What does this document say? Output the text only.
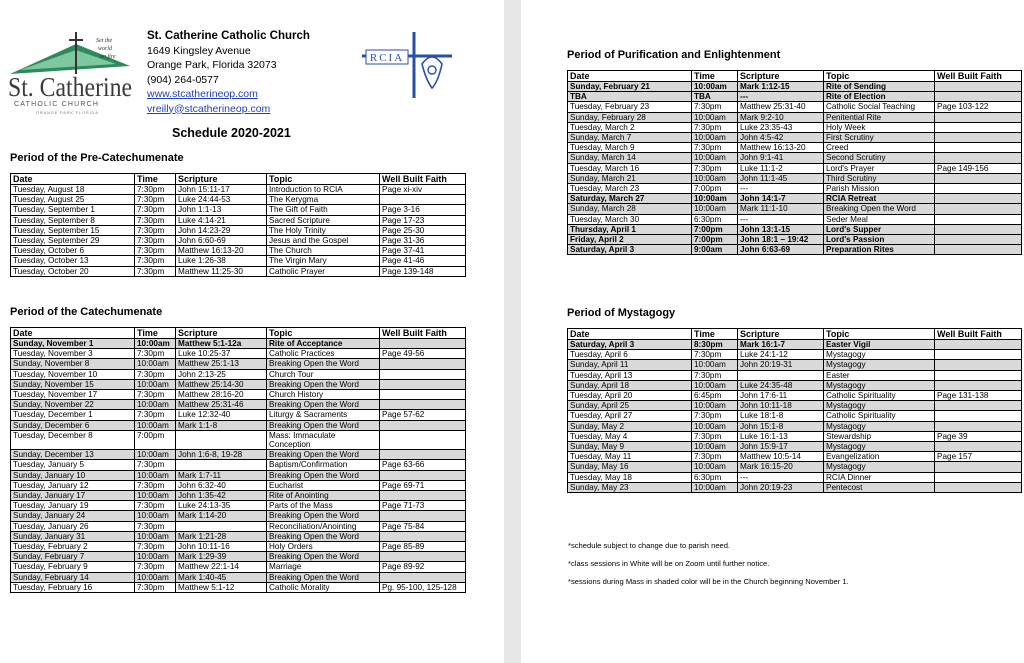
Set the
world
on fire
St. Catherine
CATHOLIC CHURCH
ORANGE PARK FLORIDA
St. Catherine Catholic Church
1649 Kingsley Avenue
Orange Park, Florida 32073
(904) 264-0577
www.stcatherineop.com
vreilly@stcatherineop.com
RCIA
Schedule 2020-2021
Period of the Pre-Catechumenate
Date	Time	Scripture	Topic	Well Built Faith
Tuesday, August 18	7:30pm	John 15:11-17	Introduction to RCIA	Page xi-xiv
Tuesday, August 25	7:30pm	Luke 24:44-53	The Kerygma	
Tuesday, September 1	7:30pm	John 1:1-13	The Gift of Faith	Page 3-16
Tuesday, September 8	7:30pm	Luke 4:14-21	Sacred Scripture	Page 17-23
Tuesday, September 15	7:30pm	John 14:23-29	The Holy Trinity	Page 25-30
Tuesday, September 29	7:30pm	John 6:60-69	Jesus and the Gospel	Page 31-36
Tuesday, October 6	7:30pm	Matthew 16:13-20	The Church	Page 37-41
Tuesday, October 13	7:30pm	Luke 1:26-38	The Virgin Mary	Page 41-46
Tuesday, October 20	7:30pm	Matthew 11:25-30	Catholic Prayer	Page 139-148
Period of the Catechumenate
Date	Time	Scripture	Topic	Well Built Faith
Sunday, November 1	10:00am	Matthew 5:1-12a	Rite of Acceptance	
Tuesday, November 3	7:30pm	Luke 10:25-37	Catholic Practices	Page 49-56
Sunday, November 8	10:00am	Matthew 25:1-13	Breaking Open the Word	
Tuesday, November 10	7:30pm	John 2:13-25	Church Tour	
Sunday, November 15	10:00am	Matthew 25:14-30	Breaking Open the Word	
Tuesday, November 17	7:30pm	Matthew 28:16-20	Church History	
Sunday, November 22	10:00am	Matthew 25:31-46	Breaking Open the Word	
Tuesday, December 1	7:30pm	Luke 12:32-40	Liturgy & Sacraments	Page 57-62
Sunday, December 6	10:00am	Mark 1:1-8	Breaking Open the Word	
Tuesday, December 8	7:00pm		Mass: Immaculate Conception	
Sunday, December 13	10:00am	John 1:6-8, 19-28	Breaking Open the Word	
Tuesday, January 5	7:30pm		Baptism/Confirmation	Page 63-66
Sunday, January 10	10:00am	Mark 1:7-11	Breaking Open the Word	
Tuesday, January 12	7:30pm	John 6:32-40	Eucharist	Page 69-71
Sunday, January 17	10:00am	John 1:35-42	Rite of Anointing	
Tuesday, January 19	7:30pm	Luke 24:13-35	Parts of the Mass	Page 71-73
Sunday, January 24	10:00am	Mark 1:14-20	Breaking Open the Word	
Tuesday, January 26	7:30pm		Reconciliation/Anointing	Page 75-84
Sunday, January 31	10:00am	Mark 1:21-28	Breaking Open the Word	
Tuesday, February 2	7:30pm	John 10:11-16	Holy Orders	Page 85-89
Sunday, February 7	10:00am	Mark 1:29-39	Breaking Open the Word	
Tuesday, February 9	7:30pm	Matthew 22:1-14	Marriage	Page 89-92
Sunday, February 14	10:00am	Mark 1:40-45	Breaking Open the Word	
Tuesday, February 16	7:30pm	Matthew 5:1-12	Catholic Morality	Pg. 95-100, 125-128
Period of Purification and Enlightenment
Date	Time	Scripture	Topic	Well Built Faith
Sunday, February 21	10:00am	Mark 1:12-15	Rite of Sending	
TBA	TBA	---	Rite of Election	
Tuesday, February 23	7:30pm	Matthew 25:31-40	Catholic Social Teaching	Page 103-122
Sunday, February 28	10:00am	Mark 9:2-10	Penitential Rite	
Tuesday, March 2	7:30pm	Luke 23:35-43	Holy Week	
Sunday, March 7	10:00am	John 4:5-42	First Scrutiny	
Tuesday, March 9	7:30pm	Matthew 16:13-20	Creed	
Sunday, March 14	10:00am	John 9:1-41	Second Scrutiny	
Tuesday, March 16	7:30pm	Luke 11:1-2	Lord's Prayer	Page 149-156
Sunday, March 21	10:00am	John 11:1-45	Third Scrutiny	
Tuesday, March 23	7:00pm	---	Parish Mission	
Saturday, March 27	10:00am	John 14:1-7	RCIA Retreat	
Sunday, March 28	10:00am	Mark 11:1-10	Breaking Open the Word	
Tuesday, March 30	6:30pm	---	Seder Meal	
Thursday, April 1	7:00pm	John 13:1-15	Lord's Supper	
Friday, April 2	7:00pm	John 18:1 – 19:42	Lord's Passion	
Saturday, April 3	9:00am	John 6:63-69	Preparation Rites	
Period of Mystagogy
Date	Time	Scripture	Topic	Well Built Faith
Saturday, April 3	8:30pm	Mark 16:1-7	Easter Vigil	
Tuesday, April 6	7:30pm	Luke 24:1-12	Mystagogy	
Sunday, April 11	10:00am	John 20:19-31	Mystagogy	
Tuesday, April 13	7:30pm		Easter	
Sunday, April 18	10:00am	Luke 24:35-48	Mystagogy	
Tuesday, April 20	6:45pm	John 17:6-11	Catholic Spirituality	Page 131-138
Sunday, April 25	10:00am	John 10:11-18	Mystagogy	
Tuesday, April 27	7:30pm	Luke 18:1-8	Catholic Spirituality	
Sunday, May 2	10:00am	John 15:1-8	Mystagogy	
Tuesday, May 4	7:30pm	Luke 16:1-13	Stewardship	Page 39
Sunday, May 9	10:00am	John 15:9-17	Mystagogy	
Tuesday, May 11	7:30pm	Matthew 10:5-14	Evangelization	Page 157
Sunday, May 16	10:00am	Mark 16:15-20	Mystagogy	
Tuesday, May 18	6:30pm	---	RCIA Dinner	
Sunday, May 23	10:00am	John 20:19-23	Pentecost	

*schedule subject to change due to parish need.

*class sessions in White will be on Zoom until further notice.

*sessions during Mass in shaded color will be in the Church beginning November 1.
